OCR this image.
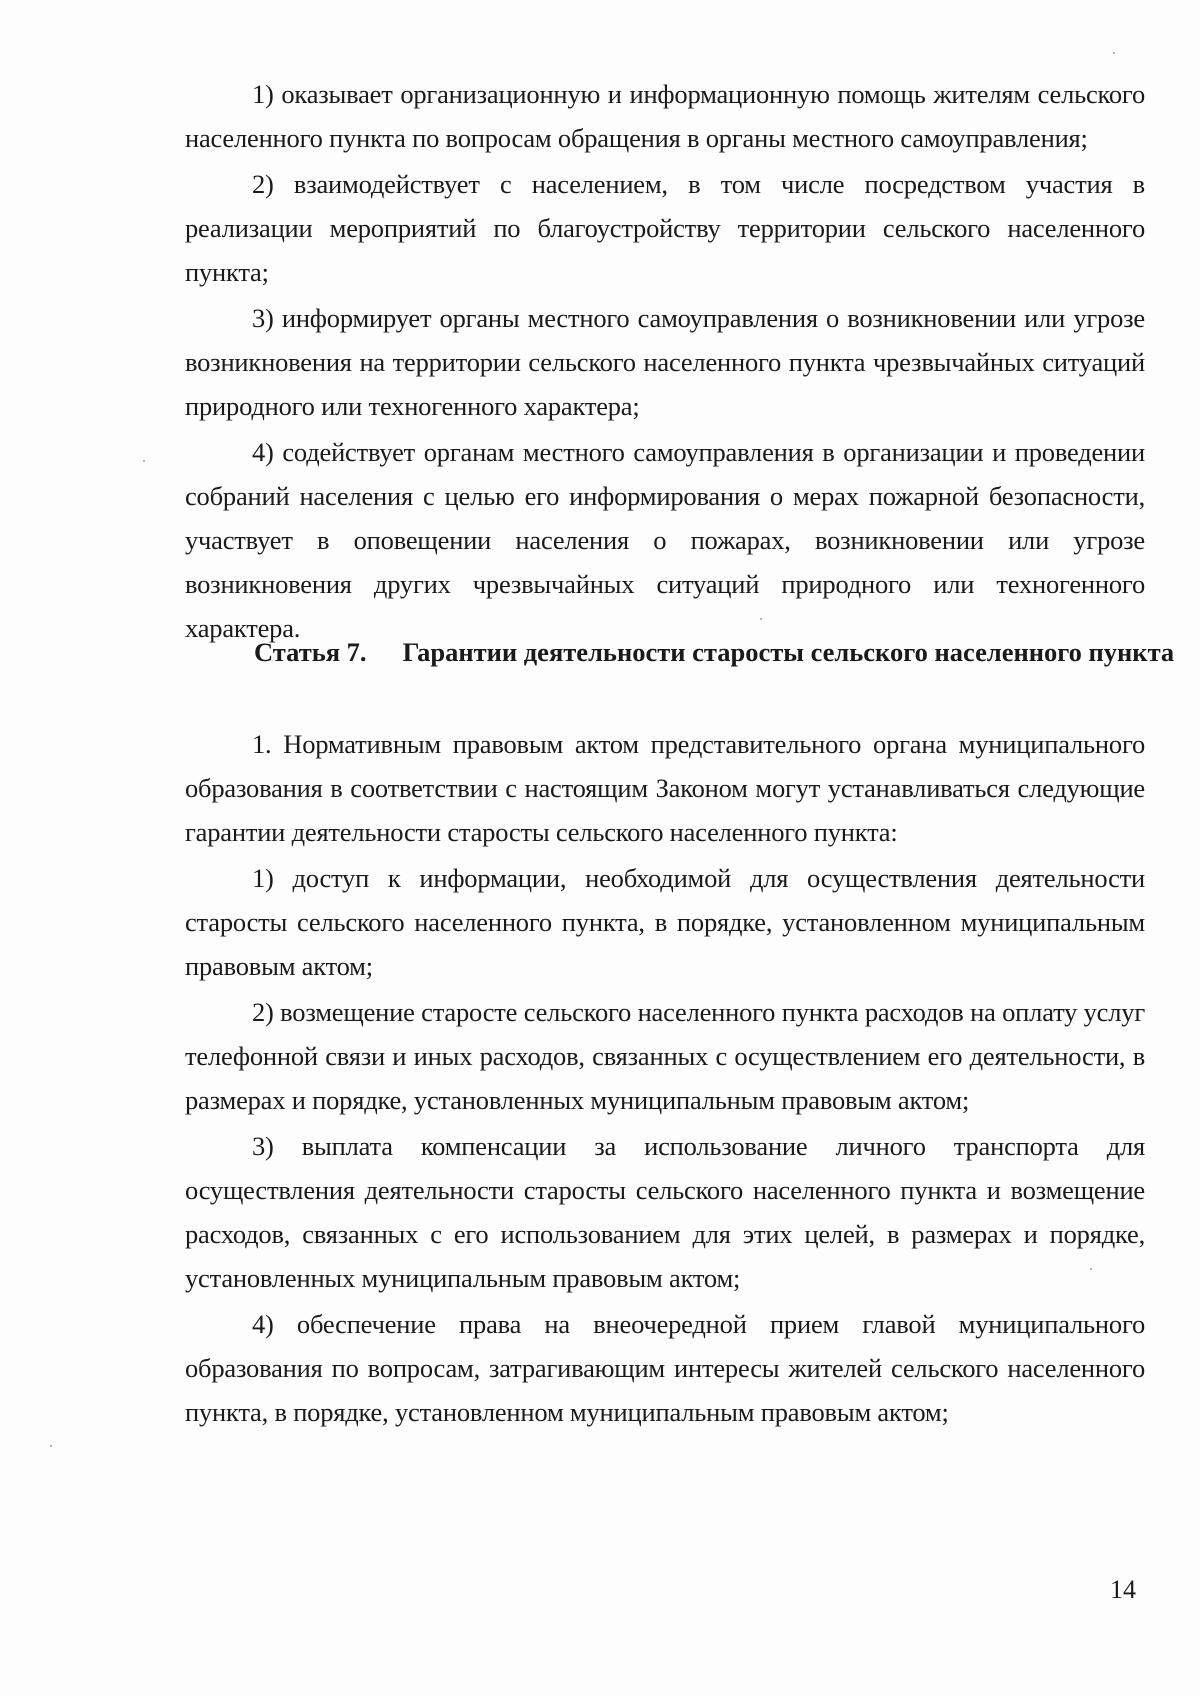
1) оказывает организационную и информационную помощь жителям сельского населенного пункта по вопросам обращения в органы местного самоуправления;

2) взаимодействует с населением, в том числе посредством участия в реализации мероприятий по благоустройству территории сельского населенного пункта;

3) информирует органы местного самоуправления о возникновении или угрозе возникновения на территории сельского населенного пункта чрезвычайных ситуаций природного или техногенного характера;

4) содействует органам местного самоуправления в организации и проведении собраний населения с целью его информирования о мерах пожарной безопасности, участвует в оповещении населения о пожарах, возникновении или угрозе возникновения других чрезвычайных ситуаций природного или техногенного характера.

Статья 7. Гарантии деятельности старосты сельского населенного пункта

1. Нормативным правовым актом представительного органа муниципального образования в соответствии с настоящим Законом могут устанавливаться следующие гарантии деятельности старосты сельского населенного пункта:

1) доступ к информации, необходимой для осуществления деятельности старосты сельского населенного пункта, в порядке, установленном муниципальным правовым актом;

2) возмещение старосте сельского населенного пункта расходов на оплату услуг телефонной связи и иных расходов, связанных с осуществлением его деятельности, в размерах и порядке, установленных муниципальным правовым актом;

3) выплата компенсации за использование личного транспорта для осуществления деятельности старосты сельского населенного пункта и возмещение расходов, связанных с его использованием для этих целей, в размерах и порядке, установленных муниципальным правовым актом;

4) обеспечение права на внеочередной прием главой муниципального образования по вопросам, затрагивающим интересы жителей сельского населенного пункта, в порядке, установленном муниципальным правовым актом;

14
